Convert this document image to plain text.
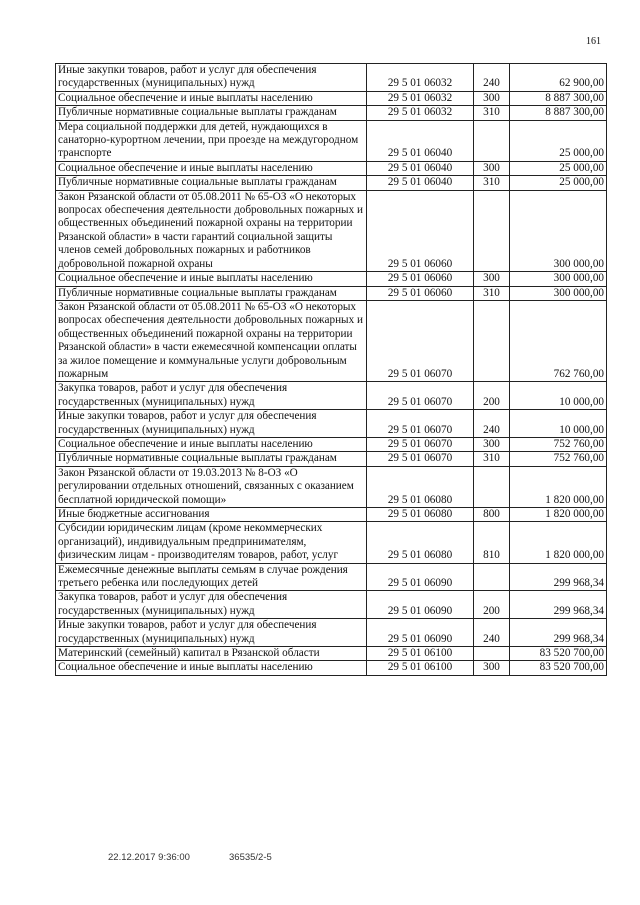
161
Иные закупки товаров, работ и услуг для обеспечения государственных (муниципальных) нужд	29 5 01 06032	240	62 900,00
Социальное обеспечение и иные выплаты населению	29 5 01 06032	300	8 887 300,00
Публичные нормативные социальные выплаты гражданам	29 5 01 06032	310	8 887 300,00
Мера социальной поддержки для детей, нуждающихся в санаторно-курортном лечении, при проезде на междугородном транспорте	29 5 01 06040		25 000,00
Социальное обеспечение и иные выплаты населению	29 5 01 06040	300	25 000,00
Публичные нормативные социальные выплаты гражданам	29 5 01 06040	310	25 000,00
Закон Рязанской области от 05.08.2011 № 65-ОЗ «О некоторых вопросах обеспечения деятельности добровольных пожарных и общественных объединений пожарной охраны на территории Рязанской области» в части гарантий социальной защиты членов семей добровольных пожарных и работников добровольной пожарной охраны	29 5 01 06060		300 000,00
Социальное обеспечение и иные выплаты населению	29 5 01 06060	300	300 000,00
Публичные нормативные социальные выплаты гражданам	29 5 01 06060	310	300 000,00
Закон Рязанской области от 05.08.2011 № 65-ОЗ «О некоторых вопросах обеспечения деятельности добровольных пожарных и общественных объединений пожарной охраны на территории Рязанской области» в части ежемесячной компенсации оплаты за жилое помещение и коммунальные услуги добровольным пожарным	29 5 01 06070		762 760,00
Закупка товаров, работ и услуг для обеспечения государственных (муниципальных) нужд	29 5 01 06070	200	10 000,00
Иные закупки товаров, работ и услуг для обеспечения государственных (муниципальных) нужд	29 5 01 06070	240	10 000,00
Социальное обеспечение и иные выплаты населению	29 5 01 06070	300	752 760,00
Публичные нормативные социальные выплаты гражданам	29 5 01 06070	310	752 760,00
Закон Рязанской области от 19.03.2013 № 8-ОЗ «О регулировании отдельных отношений, связанных с оказанием бесплатной юридической помощи»	29 5 01 06080		1 820 000,00
Иные бюджетные ассигнования	29 5 01 06080	800	1 820 000,00
Субсидии юридическим лицам (кроме некоммерческих организаций), индивидуальным предпринимателям, физическим лицам - производителям товаров, работ, услуг	29 5 01 06080	810	1 820 000,00
Ежемесячные денежные выплаты семьям в случае рождения третьего ребенка или последующих детей	29 5 01 06090		299 968,34
Закупка товаров, работ и услуг для обеспечения государственных (муниципальных) нужд	29 5 01 06090	200	299 968,34
Иные закупки товаров, работ и услуг для обеспечения государственных (муниципальных) нужд	29 5 01 06090	240	299 968,34
Материнский (семейный) капитал в Рязанской области	29 5 01 06100		83 520 700,00
Социальное обеспечение и иные выплаты населению	29 5 01 06100	300	83 520 700,00
22.12.2017 9:36:00	36535/2-5
